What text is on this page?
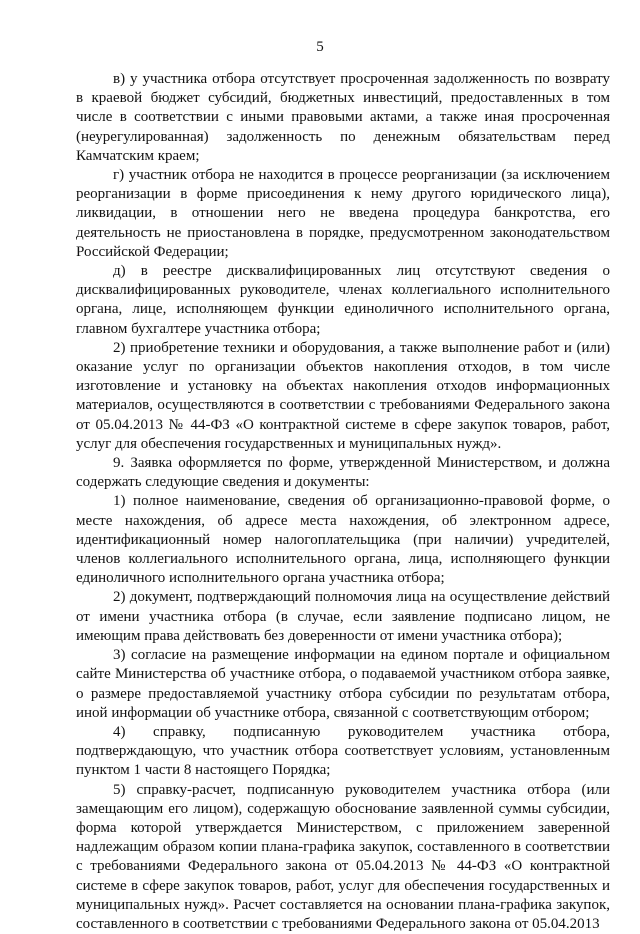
5

в) у участника отбора отсутствует просроченная задолженность по возврату в краевой бюджет субсидий, бюджетных инвестиций, предоставленных в том числе в соответствии с иными правовыми актами, а также иная просроченная (неурегулированная) задолженность по денежным обязательствам перед Камчатским краем;

г) участник отбора не находится в процессе реорганизации (за исключением реорганизации в форме присоединения к нему другого юридического лица), ликвидации, в отношении него не введена процедура банкротства, его деятельность не приостановлена в порядке, предусмотренном законодательством Российской Федерации;

д) в реестре дисквалифицированных лиц отсутствуют сведения о дисквалифицированных руководителе, членах коллегиального исполнительного органа, лице, исполняющем функции единоличного исполнительного органа, главном бухгалтере участника отбора;

2) приобретение техники и оборудования, а также выполнение работ и (или) оказание услуг по организации объектов накопления отходов, в том числе изготовление и установку на объектах накопления отходов информационных материалов, осуществляются в соответствии с требованиями Федерального закона от 05.04.2013 № 44-ФЗ «О контрактной системе в сфере закупок товаров, работ, услуг для обеспечения государственных и муниципальных нужд».

9. Заявка оформляется по форме, утвержденной Министерством, и должна содержать следующие сведения и документы:

1) полное наименование, сведения об организационно-правовой форме, о месте нахождения, об адресе места нахождения, об электронном адресе, идентификационный номер налогоплательщика (при наличии) учредителей, членов коллегиального исполнительного органа, лица, исполняющего функции единоличного исполнительного органа участника отбора;

2) документ, подтверждающий полномочия лица на осуществление действий от имени участника отбора (в случае, если заявление подписано лицом, не имеющим права действовать без доверенности от имени участника отбора);

3) согласие на размещение информации на едином портале и официальном сайте Министерства об участнике отбора, о подаваемой участником отбора заявке, о размере предоставляемой участнику отбора субсидии по результатам отбора, иной информации об участнике отбора, связанной с соответствующим отбором;

4) справку, подписанную руководителем участника отбора, подтверждающую, что участник отбора соответствует условиям, установленным пунктом 1 части 8 настоящего Порядка;

5) справку-расчет, подписанную руководителем участника отбора (или замещающим его лицом), содержащую обоснование заявленной суммы субсидии, форма которой утверждается Министерством, с приложением заверенной надлежащим образом копии плана-графика закупок, составленного в соответствии с требованиями Федерального закона от 05.04.2013 № 44-ФЗ «О контрактной системе в сфере закупок товаров, работ, услуг для обеспечения государственных и муниципальных нужд». Расчет составляется на основании плана-графика закупок, составленного в соответствии с требованиями Федерального закона от 05.04.2013
